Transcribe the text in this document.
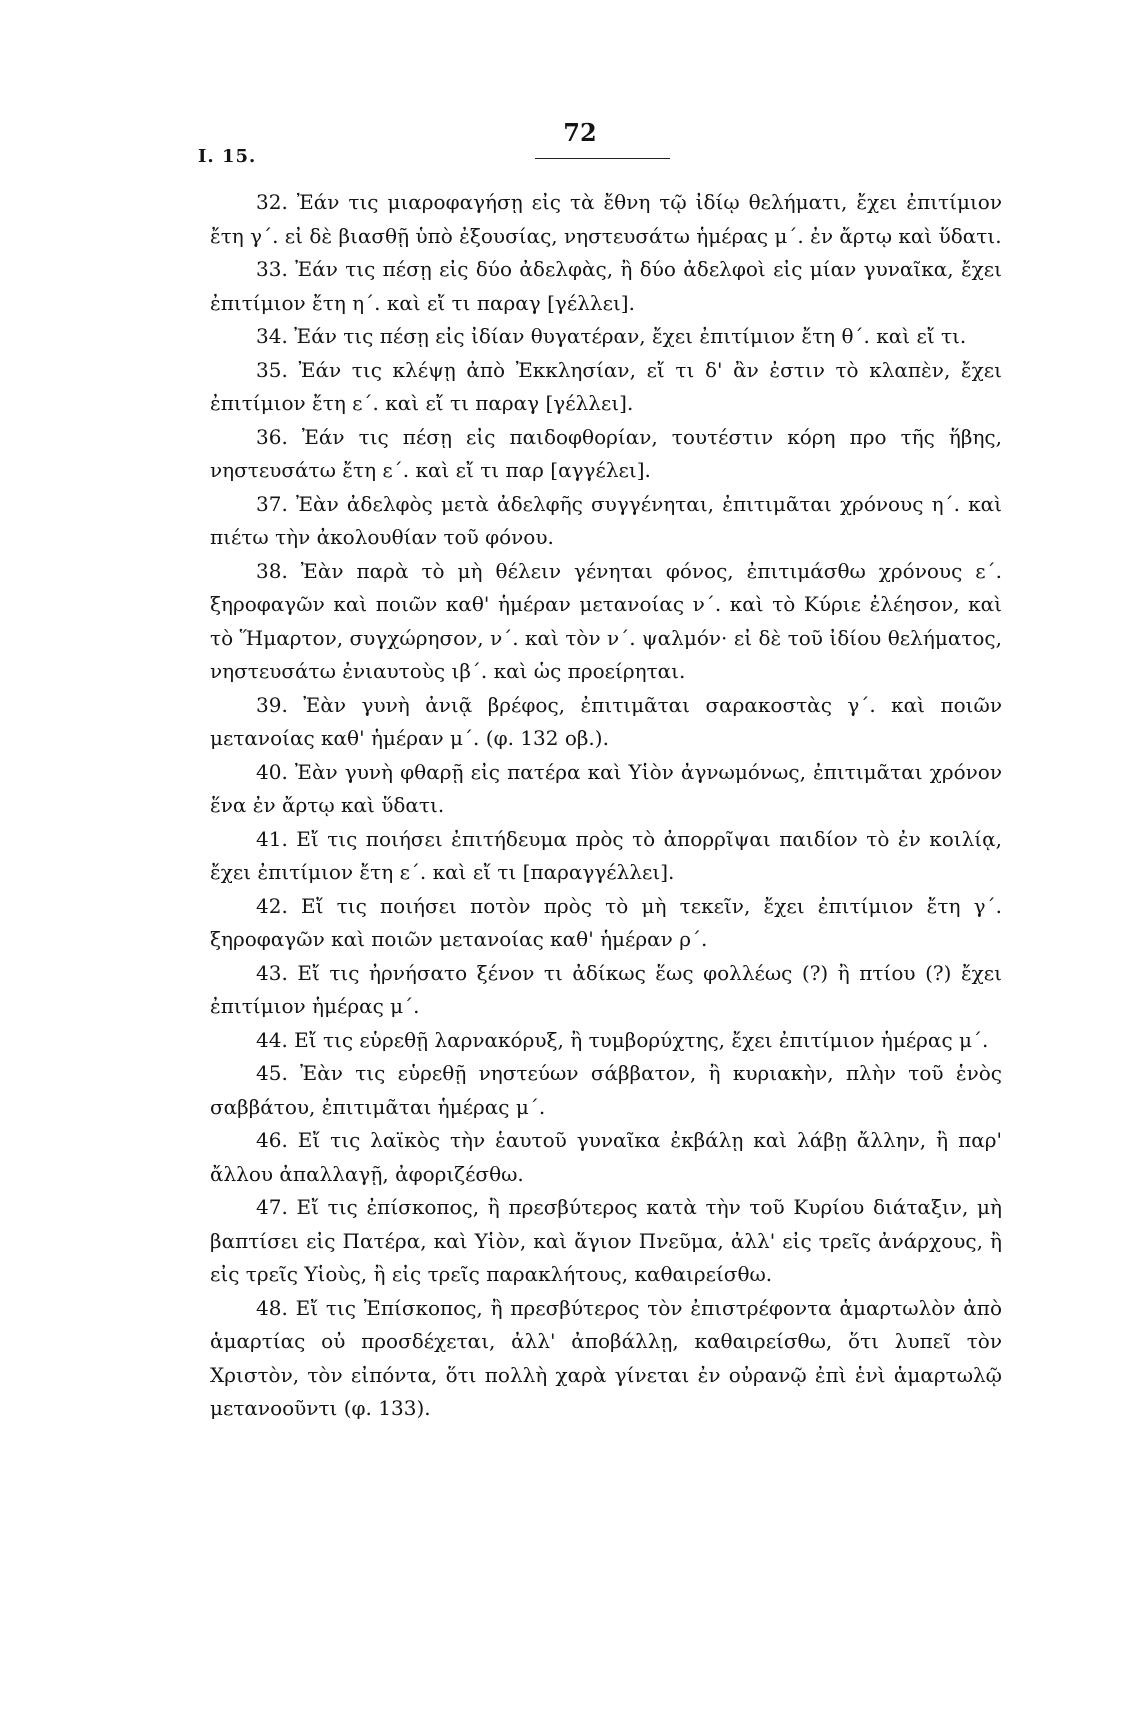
I. 15.
72

32. Ἐάν τις μιαροφαγήσῃ εἰς τὰ ἔθνη τῷ ἰδίῳ θελήματι, ἔχει ἐπιτίμιον ἔτη γ΄. εἰ δὲ βιασθῇ ὑπὸ ἐξουσίας, νηστευσάτω ἡμέρας μ΄. ἐν ἄρτῳ καὶ ὕδατι.

33. Ἐάν τις πέσῃ εἰς δύο ἀδελφὰς, ἢ δύο ἀδελφοὶ εἰς μίαν γυναῖκα, ἔχει ἐπιτίμιον ἔτη η΄. καὶ εἴ τι παραγ [γέλλει].

34. Ἐάν τις πέσῃ εἰς ἰδίαν θυγατέραν, ἔχει ἐπιτίμιον ἔτη θ΄. καὶ εἴ τι.

35. Ἐάν τις κλέψῃ ἀπὸ Ἐκκλησίαν, εἴ τι δ' ἂν ἐστιν τὸ κλαπὲν, ἔχει ἐπιτίμιον ἔτη ε΄. καὶ εἴ τι παραγ [γέλλει].

36. Ἐάν τις πέσῃ εἰς παιδοφθορίαν, τουτέστιν κόρη προ τῆς ἥβης, νηστευσάτω ἔτη ε΄. καὶ εἴ τι παρ [αγγέλει].

37. Ἐὰν ἀδελφὸς μετὰ ἀδελφῆς συγγένηται, ἐπιτιμᾶται χρόνους η΄. καὶ πιέτω τὴν ἀκολουθίαν τοῦ φόνου.

38. Ἐὰν παρὰ τὸ μὴ θέλειν γένηται φόνος, ἐπιτιμάσθω χρόνους ε΄. ξηροφαγῶν καὶ ποιῶν καθ' ἡμέραν μετανοίας ν΄. καὶ τὸ Κύριε ἐλέησον, καὶ τὸ Ἥμαρτον, συγχώρησον, ν΄. καὶ τὸν ν΄. ψαλμόν· εἰ δὲ τοῦ ἰδίου θελήματος, νηστευσάτω ἐνιαυτοὺς ιβ΄. καὶ ὡς προείρηται.

39. Ἐὰν γυνὴ ἀνιᾷ βρέφος, ἐπιτιμᾶται σαρακοστὰς γ΄. καὶ ποιῶν μετανοίας καθ' ἡμέραν μ΄. (φ. 132 οβ.).

40. Ἐὰν γυνὴ φθαρῇ εἰς πατέρα καὶ Υἱὸν ἀγνωμόνως, ἐπιτιμᾶται χρόνον ἕνα ἐν ἄρτῳ καὶ ὕδατι.

41. Εἴ τις ποιήσει ἐπιτήδευμα πρὸς τὸ ἀπορρῖψαι παιδίον τὸ ἐν κοιλίᾳ, ἔχει ἐπιτίμιον ἔτη ε΄. καὶ εἴ τι [παραγγέλλει].

42. Εἴ τις ποιήσει ποτὸν πρὸς τὸ μὴ τεκεῖν, ἔχει ἐπιτίμιον ἔτη γ΄. ξηροφαγῶν καὶ ποιῶν μετανοίας καθ' ἡμέραν ρ΄.

43. Εἴ τις ἠρνήσατο ξένον τι ἀδίκως ἕως φολλέως (?) ἢ πτίου (?) ἔχει ἐπιτίμιον ἡμέρας μ΄.

44. Εἴ τις εὑρεθῇ λαρνακόρυξ, ἢ τυμβορύχτης, ἔχει ἐπιτίμιον ἡμέρας μ΄.

45. Ἐὰν τις εὑρεθῇ νηστεύων σάββατον, ἢ κυριακὴν, πλὴν τοῦ ἑνὸς σαββάτου, ἐπιτιμᾶται ἡμέρας μ΄.

46. Εἴ τις λαϊκὸς τὴν ἑαυτοῦ γυναῖκα ἐκβάλῃ καὶ λάβῃ ἄλλην, ἢ παρ' ἄλλου ἀπαλλαγῇ, ἀφοριζέσθω.

47. Εἴ τις ἐπίσκοπος, ἢ πρεσβύτερος κατὰ τὴν τοῦ Κυρίου διάταξιν, μὴ βαπτίσει εἰς Πατέρα, καὶ Υἱὸν, καὶ ἅγιον Πνεῦμα, ἀλλ' εἰς τρεῖς ἀνάρχους, ἢ εἰς τρεῖς Υἱοὺς, ἢ εἰς τρεῖς παρακλήτους, καθαιρείσθω.

48. Εἴ τις Ἐπίσκοπος, ἢ πρεσβύτερος τὸν ἐπιστρέφοντα ἁμαρτωλὸν ἀπὸ ἁμαρτίας οὐ προσδέχεται, ἀλλ' ἀποβάλλῃ, καθαιρείσθω, ὅτι λυπεῖ τὸν Χριστὸν, τὸν εἰπόντα, ὅτι πολλὴ χαρὰ γίνεται ἐν οὐρανῷ ἐπὶ ἑνὶ ἁμαρτωλῷ μετανοοῦντι (φ. 133).
